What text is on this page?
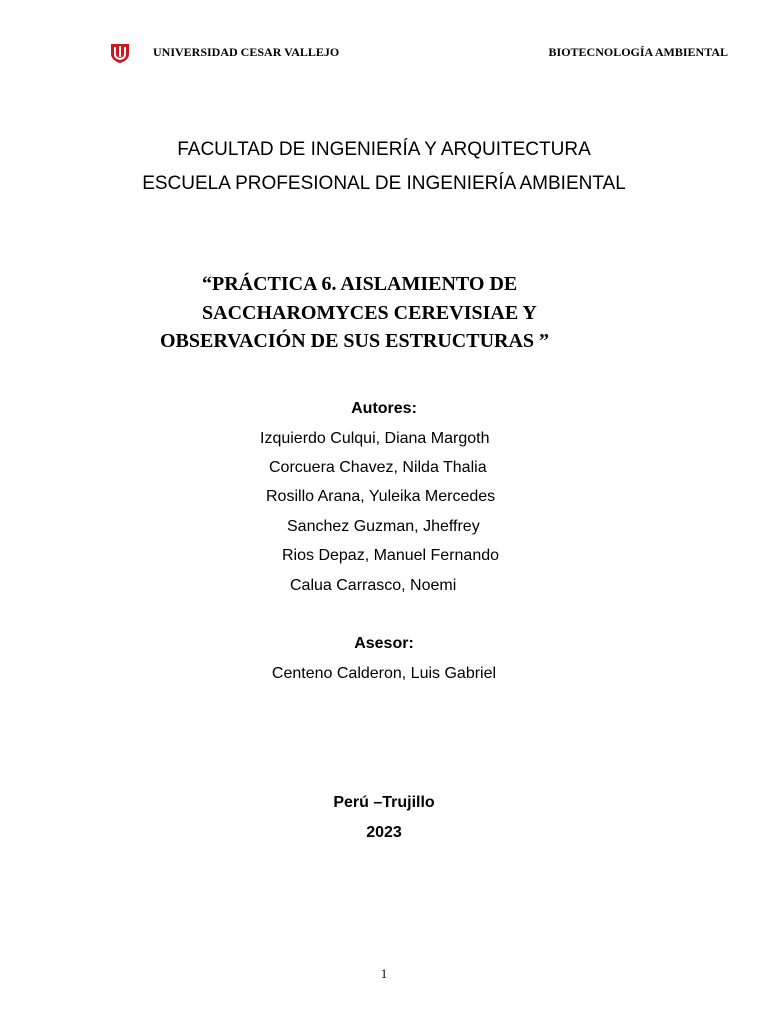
UNIVERSIDAD CESAR VALLEJO	BIOTECNOLOGÍA AMBIENTAL
FACULTAD DE INGENIERÍA Y ARQUITECTURA
ESCUELA PROFESIONAL DE INGENIERÍA AMBIENTAL
“PRÁCTICA 6. AISLAMIENTO DE
SACCHAROMYCES CEREVISIAE Y
OBSERVACIÓN DE SUS ESTRUCTURAS ”
Autores:
Izquierdo Culqui, Diana Margoth
Corcuera Chavez, Nilda Thalia
Rosillo Arana, Yuleika Mercedes
Sanchez Guzman, Jheffrey
Rios Depaz, Manuel Fernando
Calua Carrasco, Noemi
Asesor:
Centeno Calderon, Luis Gabriel
Perú –Trujillo
2023
1
